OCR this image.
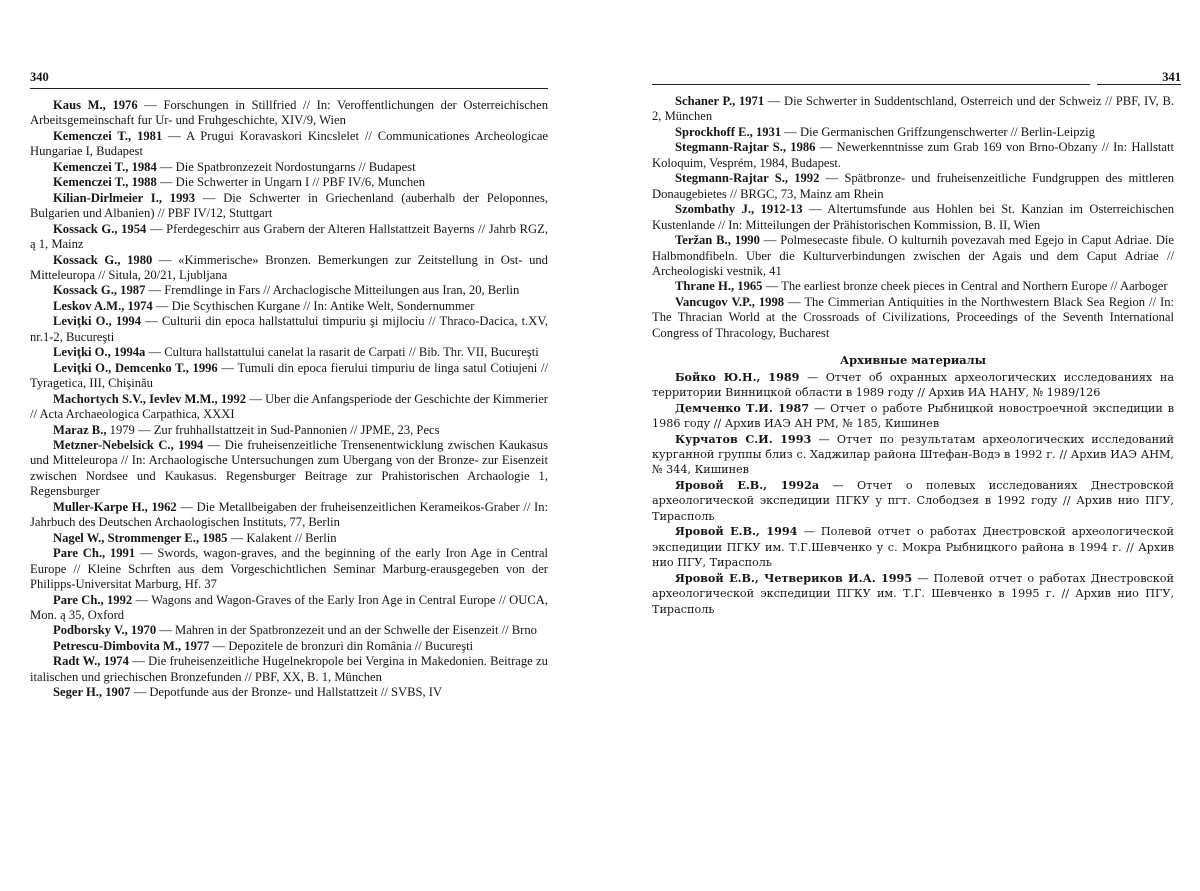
340

Kaus M., 1976 — Forschungen in Stillfried // In: Veroffentlichungen der Osterreichischen Arbeitsgemeinschaft fur Ur- und Fruhgeschichte, XIV/9, Wien

Kemenczei T., 1981 — A Prugui Koravaskori Kincslelet // Communicationes Archeologicae Hungariae I, Budapest

Kemenczei T., 1984 — Die Spatbronzezeit Nordostungarns // Budapest

Kemenczei T., 1988 — Die Schwerter in Ungarn I // PBF IV/6, Munchen

Kilian-Dirlmeier I., 1993 — Die Schwerter in Griechenland (auberhalb der Peloponnes, Bulgarien und Albanien) // PBF IV/12, Stuttgart

Kossack G., 1954 — Pferdegeschirr aus Grabern der Alteren Hallstattzeit Bayerns // Jahrb RGZ, ą 1, Mainz

Kossack G., 1980 — «Kimmerische» Bronzen. Bemerkungen zur Zeitstellung in Ost- und Mitteleuropa // Situla, 20/21, Ljubljana

Kossack G., 1987 — Fremdlinge in Fars // Archaclogische Mitteilungen aus Iran, 20, Berlin

Leskov A.M., 1974 — Die Scythischen Kurgane // In: Antike Welt, Sondernummer

Leviţki O., 1994 — Culturii din epoca hallstattului timpuriu şi mijlociu // Thraco-Dacica, t.XV, nr.1-2, Bucureşti

Leviţki O., 1994a — Cultura hallstattului canelat la rasarit de Carpati // Bib. Thr. VII, Bucureşti

Leviţki O., Demcenko T., 1996 — Tumuli din epoca fierului timpuriu de linga satul Cotiujeni // Tyragetica, III, Chişinău

Machortych S.V., Ievlev M.M., 1992 — Uber die Anfangsperiode der Geschichte der Kimmerier // Acta Archaeologica Carpathica, XXXI

Maraz B., 1979 — Zur fruhhallstattzeit in Sud-Pannonien // JPME, 23, Pecs

Metzner-Nebelsick C., 1994 — Die fruheisenzeitliche Trensenentwicklung zwischen Kaukasus und Mitteleuropa // In: Archaologische Untersuchungen zum Ubergang von der Bronze- zur Eisenzeit zwischen Nordsee und Kaukasus. Regensburger Beitrage zur Prahistorischen Archaologie 1, Regensburger

Muller-Karpe H., 1962 — Die Metallbeigaben der fruheisenzeitlichen Kerameikos-Graber // In: Jahrbuch des Deutschen Archaologischen Instituts, 77, Berlin

Nagel W., Strommenger E., 1985 — Kalakent // Berlin

Pare Ch., 1991 — Swords, wagon-graves, and the beginning of the early Iron Age in Central Europe // Kleine Schrften aus dem Vorgeschichtlichen Seminar Marburg-erausgegeben von der Philipps-Universitat Marburg, Hf. 37

Pare Ch., 1992 — Wagons and Wagon-Graves of the Early Iron Age in Central Europe // OUCA, Mon. ą 35, Oxford

Podborsky V., 1970 — Mahren in der Spatbronzezeit und an der Schwelle der Eisenzeit // Brno

Petrescu-Dimbovita M., 1977 — Depozitele de bronzuri din România // Bucureşti

Radt W., 1974 — Die fruheisenzeitliche Hugelnekropole bei Vergina in Makedonien. Beitrage zu italischen und griechischen Bronzefunden // PBF, XX, B. 1, München

Seger H., 1907 — Depotfunde aus der Bronze- und Hallstattzeit // SVBS, IV

341

Schaner P., 1971 — Die Schwerter in Suddentschland, Osterreich und der Schweiz // PBF, IV, B. 2, München

Sprockhoff E., 1931 — Die Germanischen Griffzungenschwerter // Berlin-Leipzig

Stegmann-Rajtar S., 1986 — Newerkenntnisse zum Grab 169 von Brno-Obzany // In: Hallstatt Koloquim, Vesprém, 1984, Budapest.

Stegmann-Rajtar S., 1992 — Spätbronze- und fruheisenzeitliche Fundgruppen des mittleren Donaugebietes // BRGC, 73, Mainz am Rhein

Szombathy J., 1912-13 — Altertumsfunde aus Hohlen bei St. Kanzian im Osterreichischen Kustenlande // In: Mitteilungen der Prähistorischen Kommission, B. II, Wien

Teržan B., 1990 — Polmesecaste fibule. O kulturnih povezavah med Egejo in Caput Adriae. Die Halbmondfibeln. Uber die Kulturverbindungen zwischen der Agais und dem Caput Adriae // Archeologiski vestnik, 41

Thrane H., 1965 — The earliest bronze cheek pieces in Central and Northern Europe // Aarboger

Vancugov V.P., 1998 — The Cimmerian Antiquities in the Northwestern Black Sea Region // In: The Thracian World at the Crossroads of Civilizations, Proceedings of the Seventh International Congress of Thracology, Bucharest

Архивные материалы

Бойко Ю.Н., 1989 — Отчет об охранных археологических исследованиях на территории Винницкой области в 1989 году // Архив ИА НАНУ, № 1989/126

Демченко Т.И. 1987 — Отчет о работе Рыбницкой новостроечной экспедиции в 1986 году // Архив ИАЭ АН РМ, № 185, Кишинев

Курчатов С.И. 1993 — Отчет по результатам археологических исследований курганной группы близ с. Хаджилар района Штефан-Водэ в 1992 г. // Архив ИАЭ АНМ, № 344, Кишинев

Яровой Е.В., 1992а — Отчет о полевых исследованиях Днестровской археологической экспедиции ПГКУ у пгт. Слободзея в 1992 году // Архив нио ПГУ, Тирасполь

Яровой Е.В., 1994 — Полевой отчет о работах Днестровской археологической экспедиции ПГКУ им. Т.Г.Шевченко у с. Мокра Рыбницкого района в 1994 г. // Архив нио ПГУ, Тирасполь

Яровой Е.В., Четвериков И.А. 1995 — Полевой отчет о работах Днестровской археологической экспедиции ПГКУ им. Т.Г. Шевченко в 1995 г. // Архив нио ПГУ, Тирасполь
